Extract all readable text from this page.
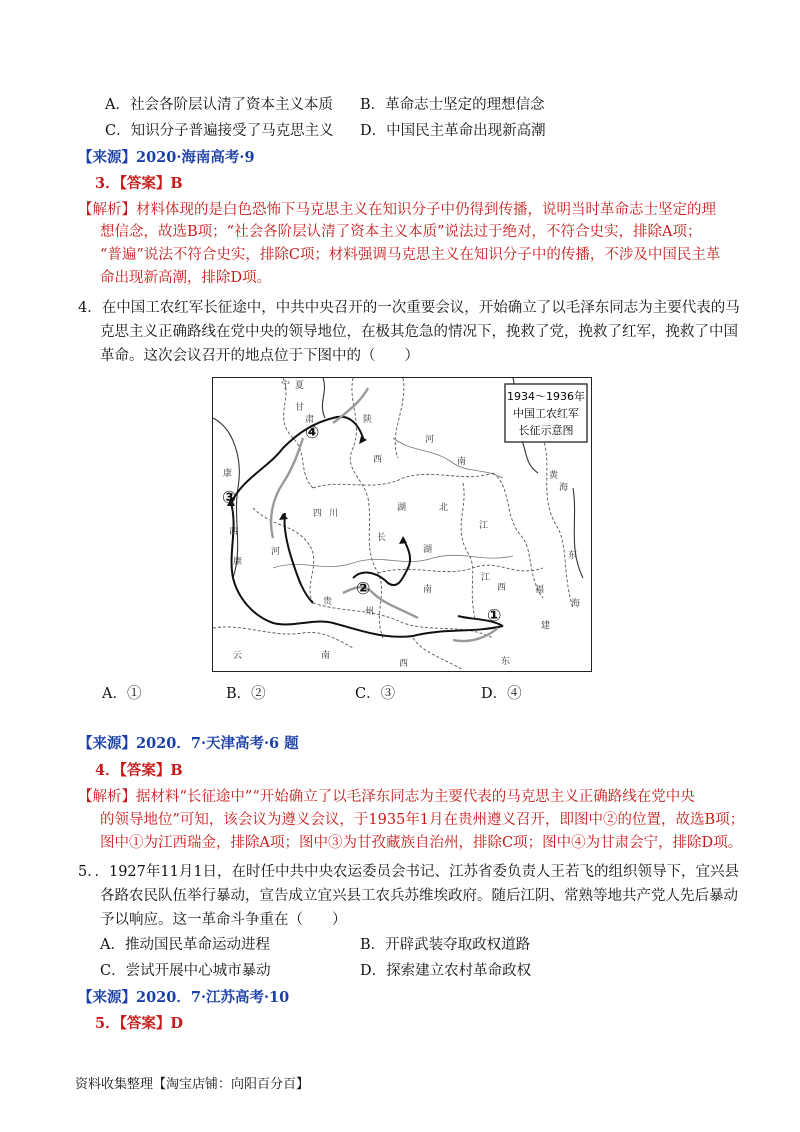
A．社会各阶层认清了资本主义本质 B．革命志士坚定的理想信念
C．知识分子普遍接受了马克思主义 D．中国民主革命出现新高潮
【来源】2020·海南高考·9
3．【答案】B
【解析】材料体现的是白色恐怖下马克思主义在知识分子中仍得到传播，说明当时革命志士坚定的理
想信念，故选B项；“社会各阶层认清了资本主义本质”说法过于绝对，不符合史实，排除A项；
“普遍”说法不符合史实，排除C项；材料强调马克思主义在知识分子中的传播，不涉及中国民主革
命出现新高潮，排除D项。
4．在中国工农红军长征途中，中共中央召开的一次重要会议，开始确立了以毛泽东同志为主要代表的马
克思主义正确路线在党中央的领导地位，在极其危急的情况下，挽救了党，挽救了红军，挽救了中国
革命。这次会议召开的地点位于下图中的（　　）
1934～1936年
中国工农红军
长征示意图
①
②
③
④
宁 夏
甘
肃	陕
西
河
南
康
四 川
湖	北
长
江
湖
南
江
西
贵
州
福
建
云	南
西	东
黄
海
东
海
西
康
河
A．①	B．②	C．③	D．④
【来源】2020．7·天津高考·6 题
4．【答案】B
【解析】据材料“长征途中”“开始确立了以毛泽东同志为主要代表的马克思主义正确路线在党中央
的领导地位”可知，该会议为遵义会议，于1935年1月在贵州遵义召开，即图中②的位置，故选B项；
图中①为江西瑞金，排除A项；图中③为甘孜藏族自治州，排除C项；图中④为甘肃会宁，排除D项。
5．．1927年11月1日，在时任中共中央农运委员会书记、江苏省委负责人王若飞的组织领导下，宜兴县
各路农民队伍举行暴动，宣告成立宜兴县工农兵苏维埃政府。随后江阴、常熟等地共产党人先后暴动
予以响应。这一革命斗争重在（　　）
A．推动国民革命运动进程	B．开辟武装夺取政权道路
C．尝试开展中心城市暴动	D．探索建立农村革命政权
【来源】2020．7·江苏高考·10
5．【答案】D
资料收集整理【淘宝店铺：向阳百分百】
